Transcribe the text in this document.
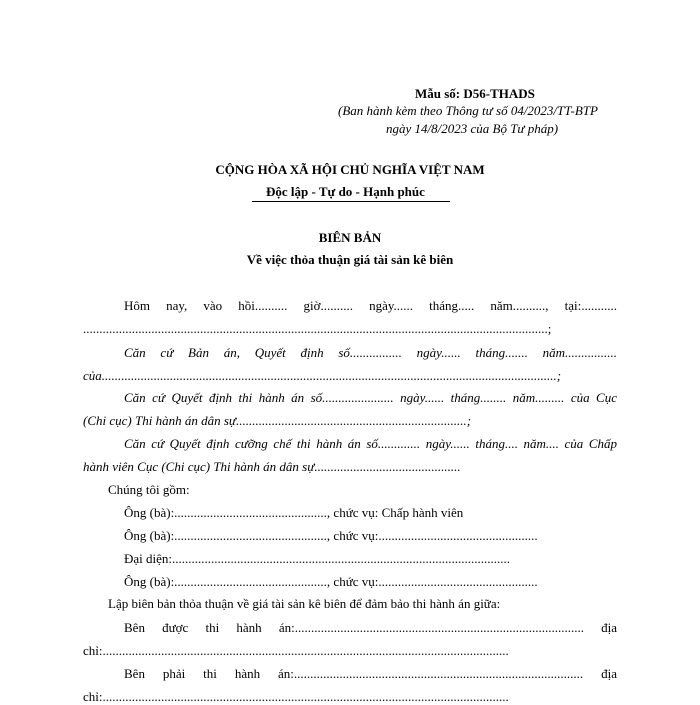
Mẫu số: D56-THADS
(Ban hành kèm theo Thông tư số 04/2023/TT-BTP
ngày 14/8/2023 của Bộ Tư pháp)
CỘNG HÒA XÃ HỘI CHỦ NGHĨA VIỆT NAM
Độc lập - Tự do - Hạnh phúc
BIÊN BẢN
Về việc thỏa thuận giá tài sản kê biên
Hôm nay, vào hồi.......... giờ.......... ngày...... tháng..... năm.........., tại:...........
...............................................................................................................................................;
Căn cứ Bản án, Quyết định số................ ngày...... tháng....... năm................
của............................................................................................................................................;
Căn cứ Quyết định thi hành án số...................... ngày...... tháng........ năm......... của Cục
(Chi cục) Thi hành án dân sự.......................................................................;
Căn cứ Quyết định cưỡng chế thi hành án số............. ngày...... tháng.... năm.... của Chấp
hành viên Cục (Chi cục) Thi hành án dân sự.............................................
Chúng tôi gồm:
Ông (bà):..............................................., chức vụ: Chấp hành viên
Ông (bà):..............................................., chức vụ:.................................................
Đại diện:........................................................................................................
Ông (bà):..............................................., chức vụ:.................................................
Lập biên bản thỏa thuận về giá tài sản kê biên để đảm bảo thi hành án giữa:
Bên được thi hành án:......................................................................................... địa
chỉ:.............................................................................................................................
Bên phải thi hành án:......................................................................................... địa
chỉ:.............................................................................................................................
